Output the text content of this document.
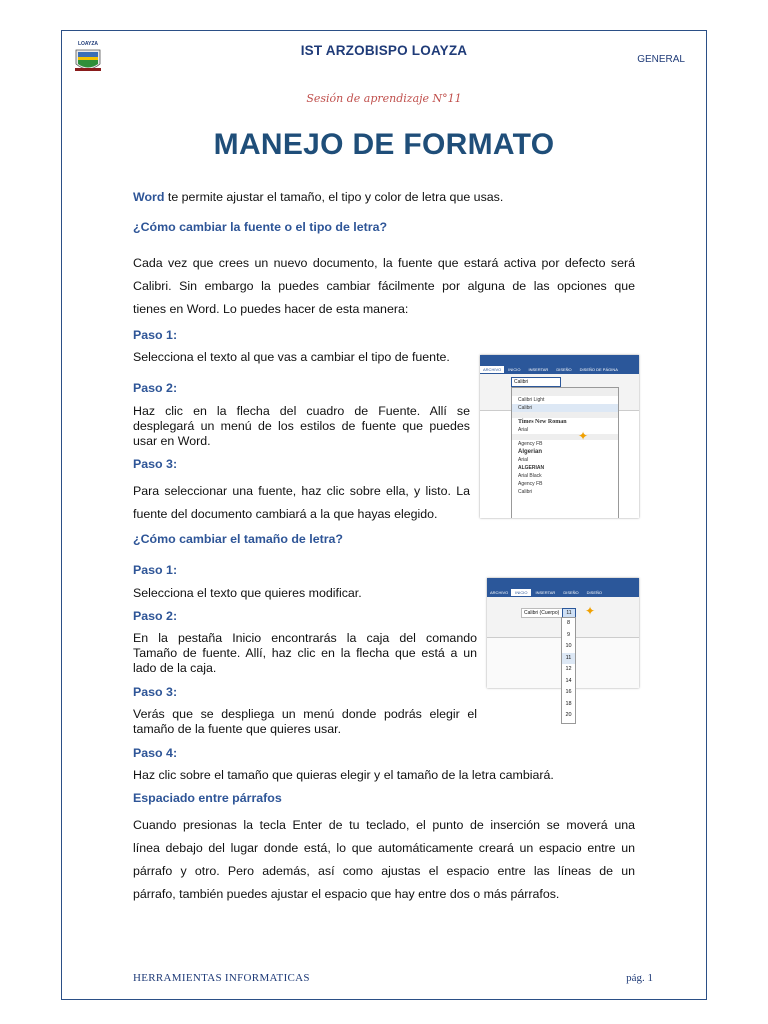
LOAYZA	IST ARZOBISPO LOAYZA
GENERAL
Sesión de aprendizaje N°11
MANEJO DE FORMATO
Word te permite ajustar el tamaño, el tipo y color de letra que usas.
¿Cómo cambiar la fuente o el tipo de letra?
Cada vez que crees un nuevo documento, la fuente que estará activa por defecto será
Calibri. Sin embargo la puedes cambiar fácilmente por alguna de las opciones que
tienes en Word. Lo puedes hacer de esta manera:
Paso 1:
Selecciona el texto al que vas a cambiar el tipo de fuente.
Paso 2:
Haz clic en la flecha del cuadro de Fuente. Allí se
desplegará un menú de los estilos de fuente que puedes
usar en Word.
Paso 3:
Para seleccionar una fuente, haz clic sobre ella, y listo. La
fuente del documento cambiará a la que hayas elegido.
ARCHIVO	INICIO	INSERTAR	DISEÑO	DISEÑO DE PÁGINA
Calibri
Calibri Light
Calibri
Times New Roman
Arial
Agency FB
Algerian
Arial
ALGERIAN
Arial Black
Agency FB
Calibri
✦
¿Cómo cambiar el tamaño de letra?
Paso 1:
Selecciona el texto que quieres modificar.
Paso 2:
En la pestaña Inicio encontrarás la caja del comando
Tamaño de fuente. Allí, haz clic en la flecha que está a un
lado de la caja.
Paso 3:
Verás que se despliega un menú donde podrás elegir el
tamaño de la fuente que quieres usar.
Paso 4:
Haz clic sobre el tamaño que quieras elegir y el tamaño de la letra cambiará.
ARCHIVO	INICIO	INSERTAR	DISEÑO	DISEÑO
Calibri (Cuerpo)	11	✦
8
9
10
11
12
14
16
18
20
Espaciado entre párrafos
Cuando presionas la tecla Enter de tu teclado, el punto de inserción se moverá una
línea debajo del lugar donde está, lo que automáticamente creará un espacio entre un
párrafo y otro. Pero además, así como ajustas el espacio entre las líneas de un
párrafo, también puedes ajustar el espacio que hay entre dos o más párrafos.
HERRAMIENTAS INFORMATICAS	pág. 1
